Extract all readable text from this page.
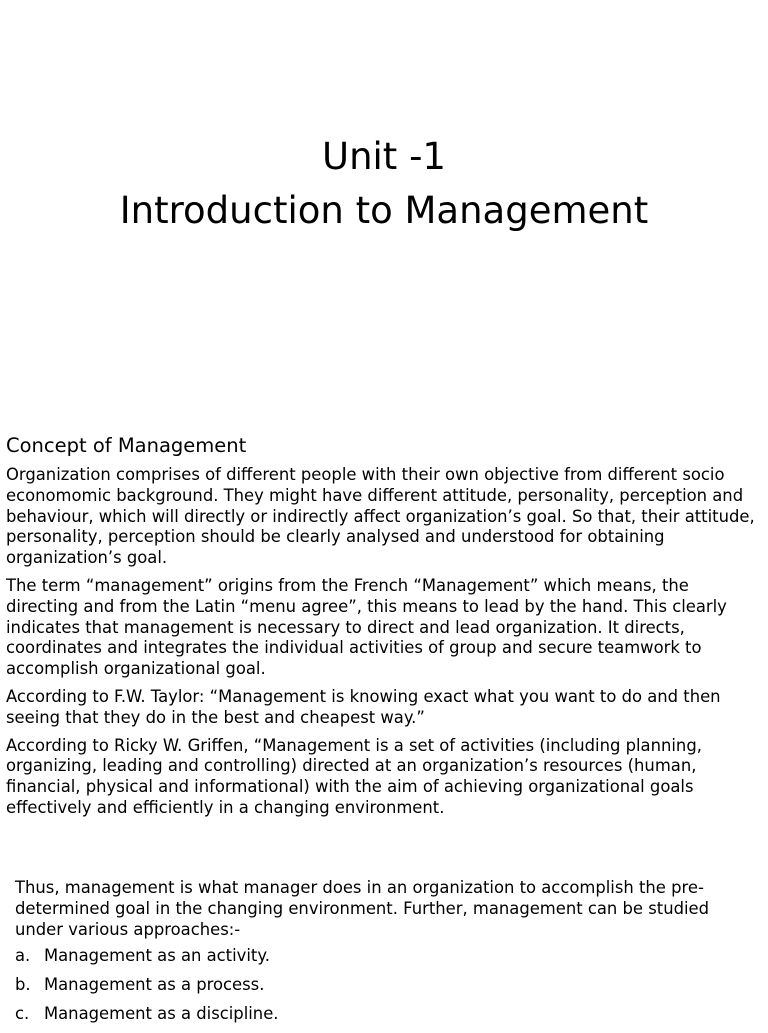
Unit -1
Introduction to Management
Concept of Management

Organization comprises of different people with their own objective from different socio economomic background. They might have different attitude, personality, perception and behaviour, which will directly or indirectly affect organization’s goal. So that, their attitude, personality, perception should be clearly analysed and understood for obtaining organization’s goal.

The term “management” origins from the French “Management” which means, the directing and from the Latin “menu agree”, this means to lead by the hand. This clearly indicates that management is necessary to direct and lead organization. It directs, coordinates and integrates the individual activities of group and secure teamwork to accomplish organizational goal.

According to F.W. Taylor: “Management is knowing exact what you want to do and then seeing that they do in the best and cheapest way.”

According to Ricky W. Griffen, “Management is a set of activities (including planning, organizing, leading and controlling) directed at an organization’s resources (human, financial, physical and informational) with the aim of achieving organizational goals effectively and efficiently in a changing environment.

Thus, management is what manager does in an organization to accomplish the pre-determined goal in the changing environment. Further, management can be studied under various approaches:-

a. Management as an activity.
b. Management as a process.
c. Management as a discipline.
